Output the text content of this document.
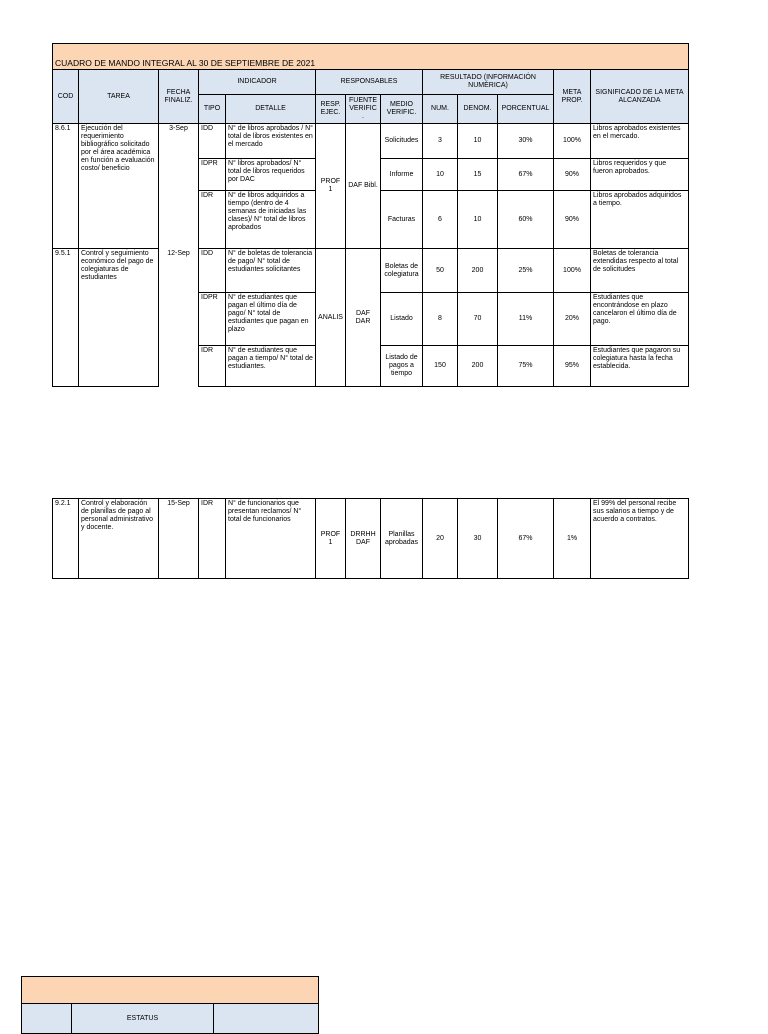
CUADRO DE MANDO INTEGRAL AL 30 DE SEPTIEMBRE DE 2021												
COD	TAREA	FECHA FINALIZ.	INDICADOR		RESPONSABLES			RESULTADO (INFORMACIÓN NUMÉRICA)			META PROP.	SIGNIFICADO DE LA META ALCANZADA
			TIPO	DETALLE	RESP. EJEC.	FUENTE VERIFIC .	MEDIO VERIFIC.	NUM.	DENOM.	PORCENTUAL		
8.6.1	Ejecución del requerimiento bibliográfico solicitado por el área académica en función a evaluación costo/ beneficio	3-Sep	IDD	N° de libros aprobados / N° total de libros existentes en el mercado	PROF 1	DAF Bibl.	Solicitudes	3	10	30%	100%	Libros aprobados existentes en el mercado.
			IDPR	N° libros aprobados/ N° total de libros requeridos por DAC			Informe	10	15	67%	90%	Libros requeridos y que fueron aprobados.
			IDR	N° de libros adquiridos a tiempo (dentro de 4 semanas de iniciadas las clases)/ N° total de libros aprobados			Facturas	6	10	60%	90%	Libros aprobados adquiridos a tiempo.
9.5.1	Control y seguimiento económico del pago de colegiaturas de estudiantes	12-Sep	IDD	N° de boletas de tolerancia de pago/ N° total de estudiantes solicitantes	ANALIS	DAF DAR	Boletas de colegiatura	50	200	25%	100%	Boletas de tolerancia extendidas respecto al total de solicitudes
			IDPR	N° de estudiantes que pagan el último día de pago/ N° total de estudiantes que pagan en plazo			Listado	8	70	11%	20%	Estudiantes que encontrándose en plazo cancelaron el último día de pago.
			IDR	N° de estudiantes que pagan a tiempo/ N° total de estudiantes.			Listado de pagos a tiempo	150	200	75%	95%	Estudiantes que pagaron su colegiatura hasta la fecha establecida.
9.2.1	Control y elaboración de planillas de pago al personal administrativo y docente.	15-Sep	IDR	N° de funcionarios que presentan reclamos/ N° total de funcionarios	PROF 1	DRRHH DAF	Planillas aprobadas	20	30	67%	1%	El 99% del personal recibe sus salarios a tiempo y de acuerdo a contratos.

	ESTATUS	
